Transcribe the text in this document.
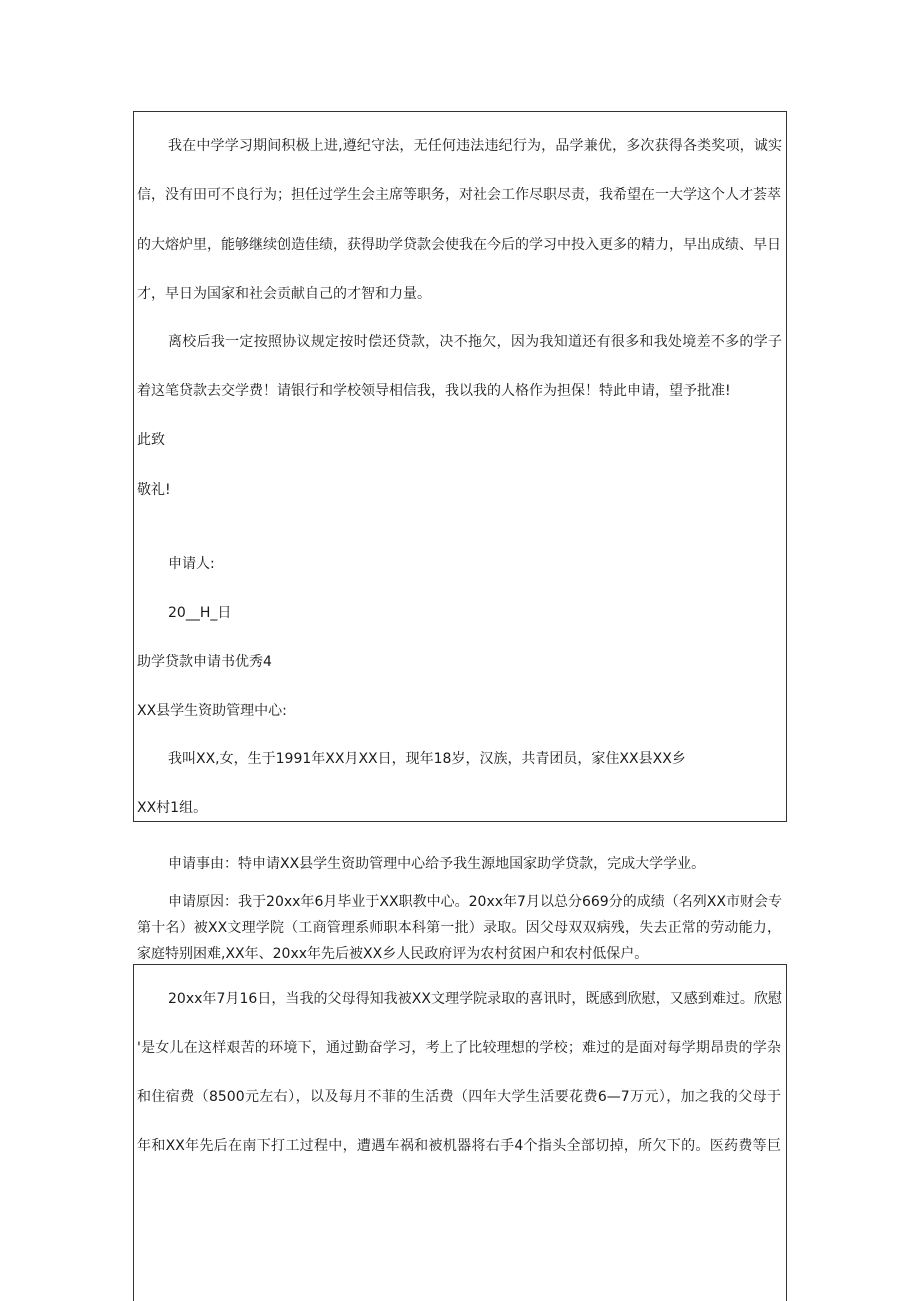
我在中学学习期间积极上进,遵纪守法，无任何违法违纪行为，品学兼优，多次获得各类奖项，诚实

信，没有田可不良行为；担任过学生会主席等职务，对社会工作尽职尽责，我希望在一大学这个人才荟萃

的大熔炉里，能够继续创造佳绩，获得助学贷款会使我在今后的学习中投入更多的精力，早出成绩、早日

才，早日为国家和社会贡献自己的才智和力量。

离校后我一定按照协议规定按时偿还贷款，决不拖欠，因为我知道还有很多和我处境差不多的学子

着这笔贷款去交学费！请银行和学校领导相信我，我以我的人格作为担保！特此申请，望予批准!

此致

敬礼!

申请人:

20__H_日

助学贷款申请书优秀4

XX县学生资助管理中心:

我叫XX,女，生于1991年XX月XX日，现年18岁，汉族，共青团员，家住XX县XX乡

XX村1组。

申请事由：特申请XX县学生资助管理中心给予我生源地国家助学贷款，完成大学学业。

申请原因：我于20xx年6月毕业于XX职教中心。20xx年7月以总分669分的成绩（名列XX市财会专

第十名）被XX文理学院（工商管理系师职本科第一批）录取。因父母双双病残，失去正常的劳动能力，

家庭特别困难,XX年、20xx年先后被XX乡人民政府评为农村贫困户和农村低保户。

20xx年7月16日，当我的父母得知我被XX文理学院录取的喜讯时，既感到欣慰，又感到难过。欣慰

'是女儿在这样艰苦的环境下，通过勤奋学习，考上了比较理想的学校；难过的是面对每学期昂贵的学杂

和住宿费（8500元左右），以及每月不菲的生活费（四年大学生活要花费6—7万元），加之我的父母于

年和XX年先后在南下打工过程中，遭遇车祸和被机器将右手4个指头全部切掉，所欠下的。医药费等巨
